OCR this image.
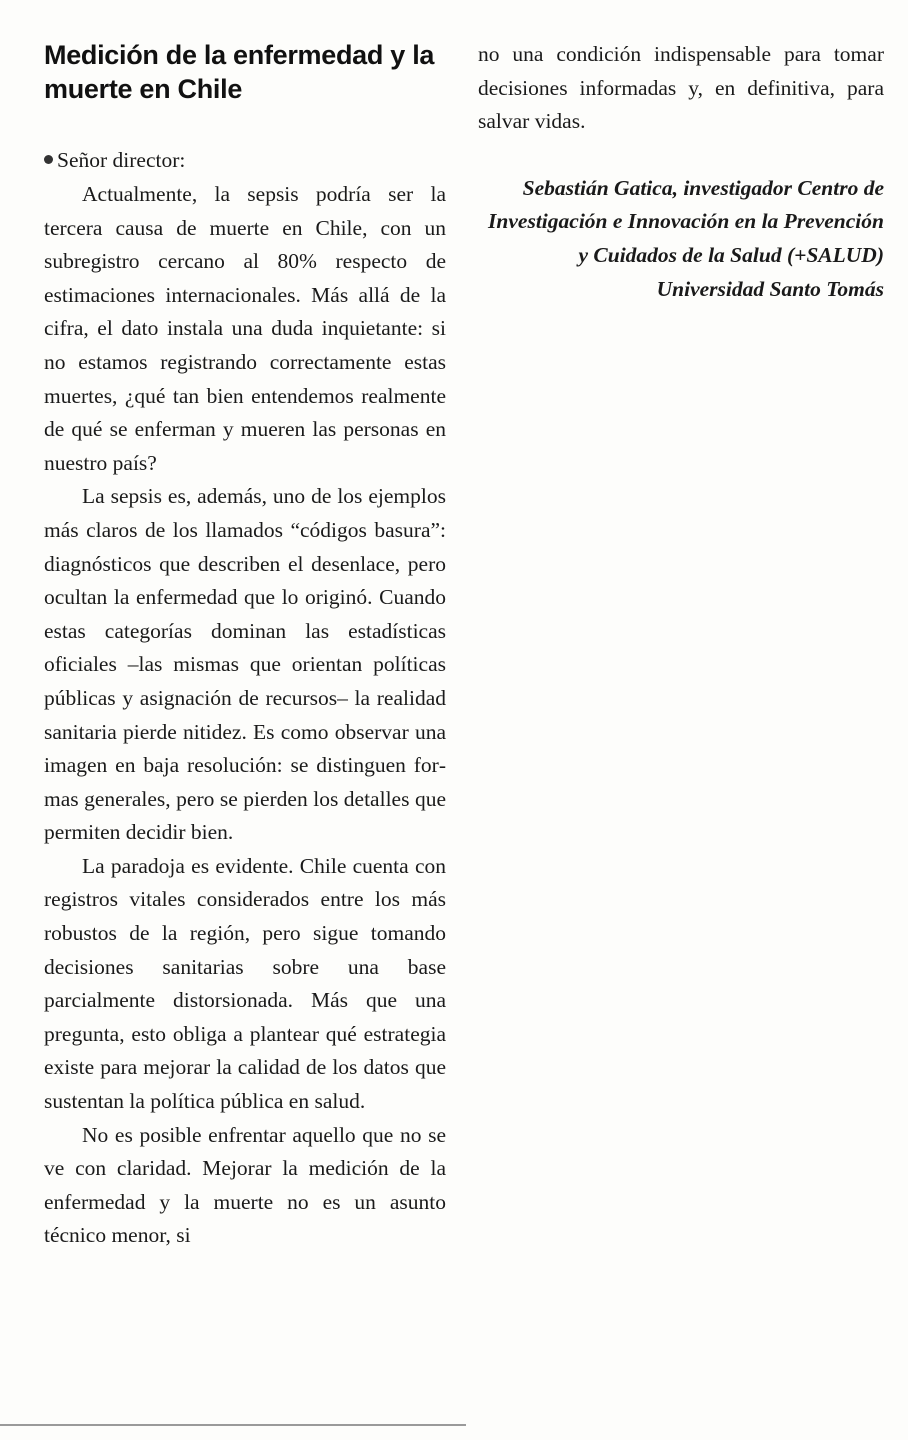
Medición de la enfermedad y la muerte en Chile
Señor director:

Actualmente, la sepsis podría ser la tercera causa de muerte en Chile, con un subregistro cercano al 80% respecto de estimaciones internacionales. Más allá de la cifra, el dato instala una duda inquietante: si no estamos registrando correctamente estas muertes, ¿qué tan bien entendemos realmente de qué se enferman y mueren las personas en nuestro país?

La sepsis es, además, uno de los ejemplos más claros de los llamados “códigos basura”: diagnósticos que describen el desenlace, pero ocultan la enfermedad que lo originó. Cuando estas categorías dominan las estadísticas oficiales –las mismas que orientan políticas públicas y asignación de recursos– la realidad sanitaria pierde nitidez. Es como observar una imagen en baja resolución: se distinguen formas generales, pero se pierden los detalles que permiten decidir bien.

La paradoja es evidente. Chile cuenta con registros vitales considerados entre los más robustos de la región, pero sigue tomando decisiones sanitarias sobre una base parcialmente distorsionada. Más que una pregunta, esto obliga a plantear qué estrategia existe para mejorar la calidad de los datos que sustentan la política pública en salud.

No es posible enfrentar aquello que no se ve con claridad. Mejorar la medición de la enfermedad y la muerte no es un asunto técnico menor, si

no una condición indispensable para tomar decisiones informadas y, en definitiva, para salvar vidas.

Sebastián Gatica, investigador Centro de Investigación e Innovación en la Prevención y Cuidados de la Salud (+SALUD) Universidad Santo Tomás
